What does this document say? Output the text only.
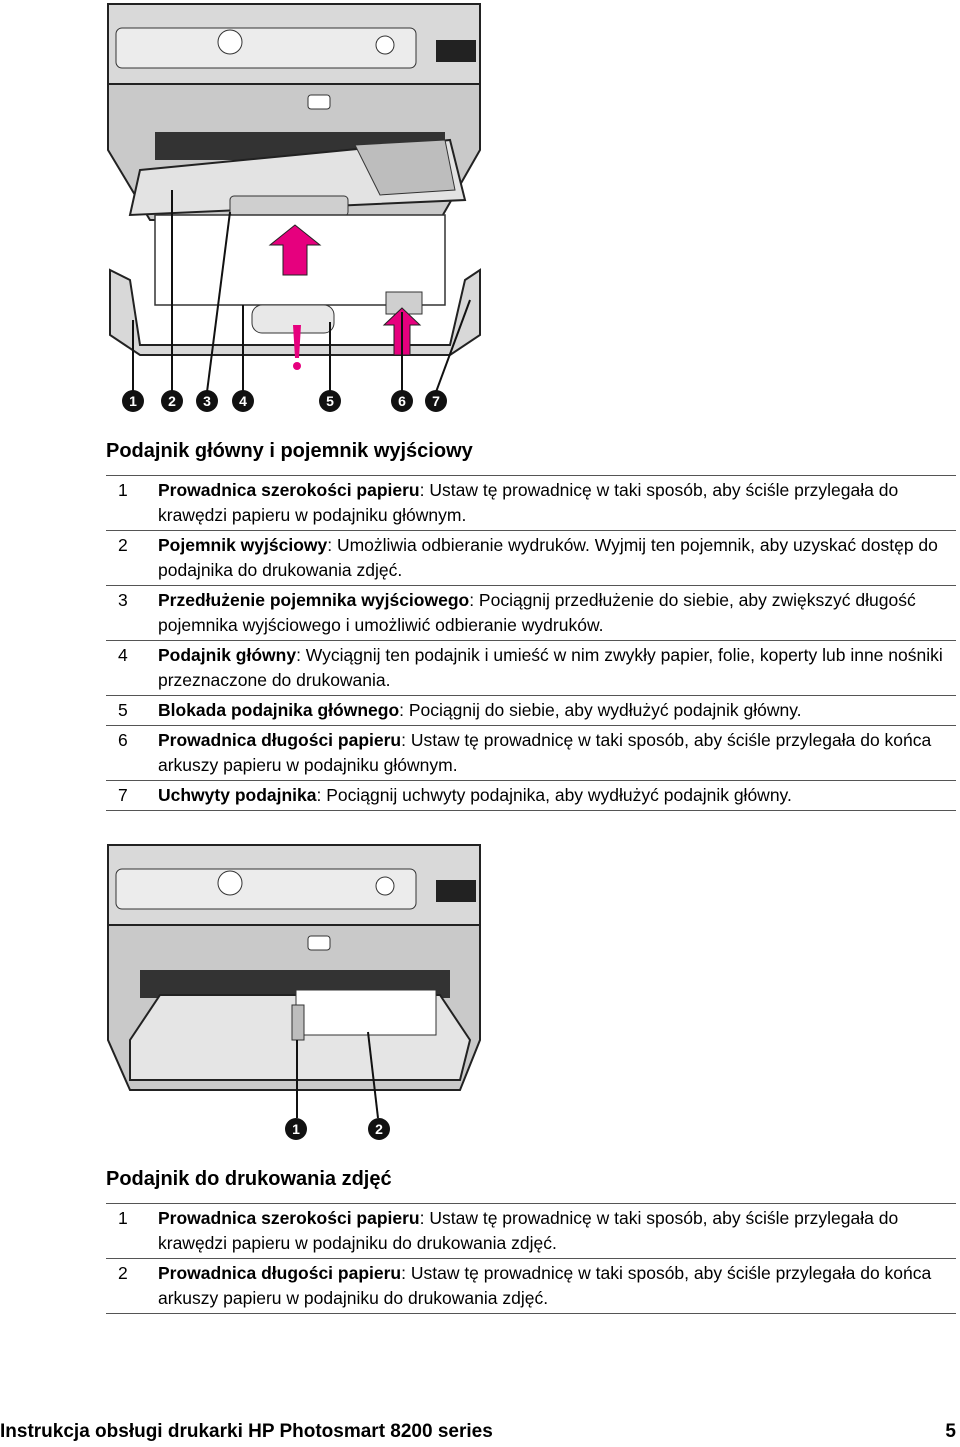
1	2	3	4	5	6	7
Podajnik główny i pojemnik wyjściowy
1	Prowadnica szerokości papieru: Ustaw tę prowadnicę w taki sposób, aby ściśle przylegała do krawędzi papieru w podajniku głównym.
2	Pojemnik wyjściowy: Umożliwia odbieranie wydruków. Wyjmij ten pojemnik, aby uzyskać dostęp do podajnika do drukowania zdjęć.
3	Przedłużenie pojemnika wyjściowego: Pociągnij przedłużenie do siebie, aby zwiększyć długość pojemnika wyjściowego i umożliwić odbieranie wydruków.
4	Podajnik główny: Wyciągnij ten podajnik i umieść w nim zwykły papier, folie, koperty lub inne nośniki przeznaczone do drukowania.
5	Blokada podajnika głównego: Pociągnij do siebie, aby wydłużyć podajnik główny.
6	Prowadnica długości papieru: Ustaw tę prowadnicę w taki sposób, aby ściśle przylegała do końca arkuszy papieru w podajniku głównym.
7	Uchwyty podajnika: Pociągnij uchwyty podajnika, aby wydłużyć podajnik główny.
1	2
Podajnik do drukowania zdjęć
1	Prowadnica szerokości papieru: Ustaw tę prowadnicę w taki sposób, aby ściśle przylegała do krawędzi papieru w podajniku do drukowania zdjęć.
2	Prowadnica długości papieru: Ustaw tę prowadnicę w taki sposób, aby ściśle przylegała do końca arkuszy papieru w podajniku do drukowania zdjęć.
Instrukcja obsługi drukarki HP Photosmart 8200 series	5
